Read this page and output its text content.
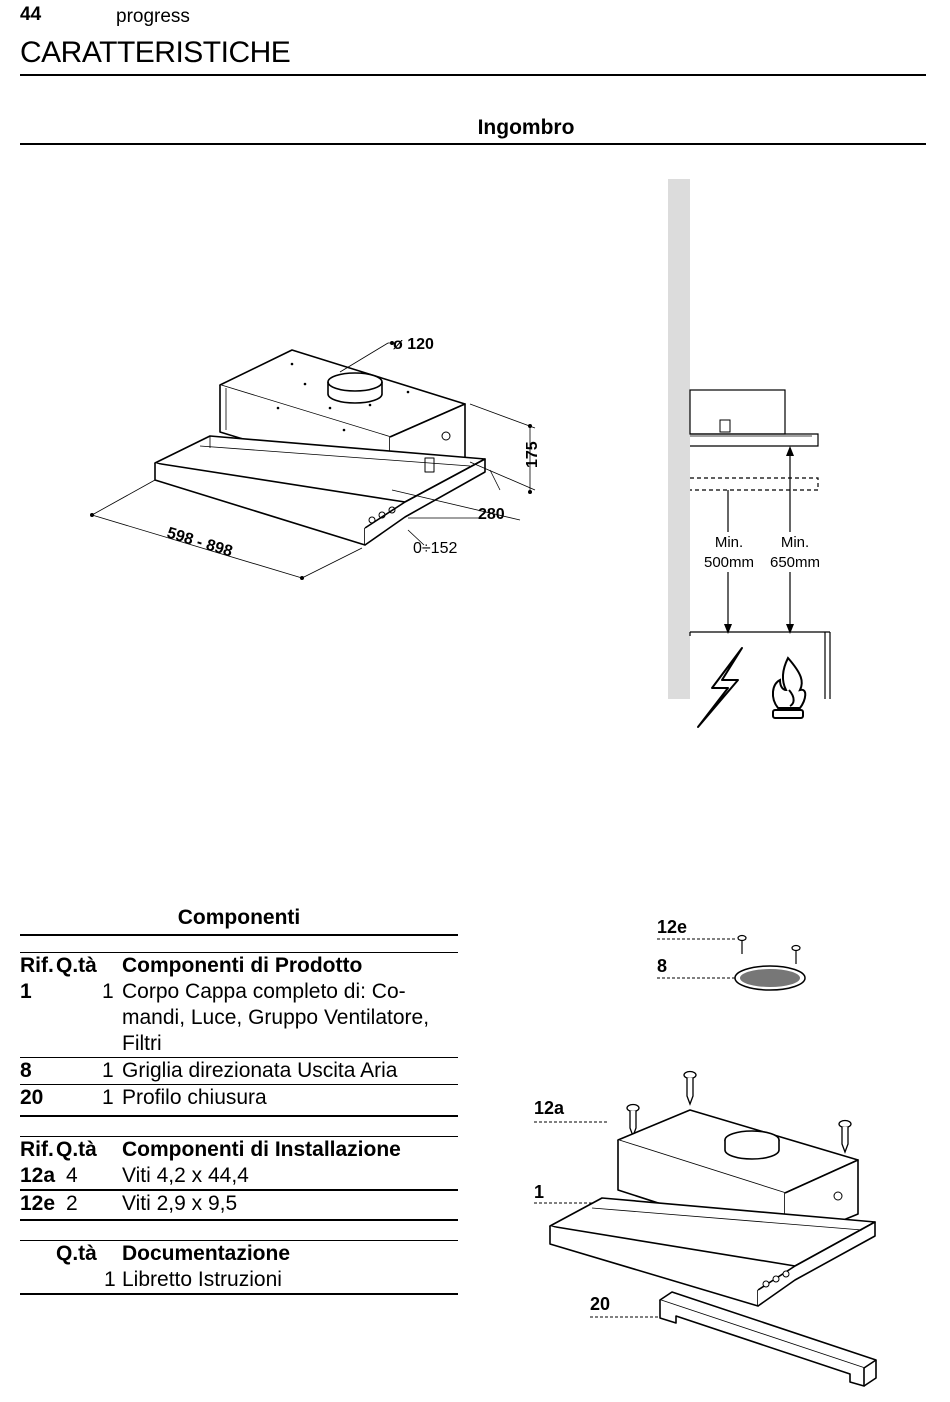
44	progress
CARATTERISTICHE
Ingombro
ø 120
175
280
598 - 898	0÷152	Min.
500mm
Min.
650mm
Componenti
Rif.	Q.tà	Componenti di Prodotto
1	1	Corpo Cappa completo di: Co-
mandi, Luce, Gruppo Ventilatore,
Filtri

8	1	Griglia direzionata Uscita Aria
20	1	Profilo chiusura
Rif.	Q.tà	Componenti di Installazione
12a	4	Viti 4,2 x 44,4
12e	2	Viti 2,9 x 9,5
	Q.tà	Documentazione
	1	Libretto Istruzioni
12e
8
12a
1
20
